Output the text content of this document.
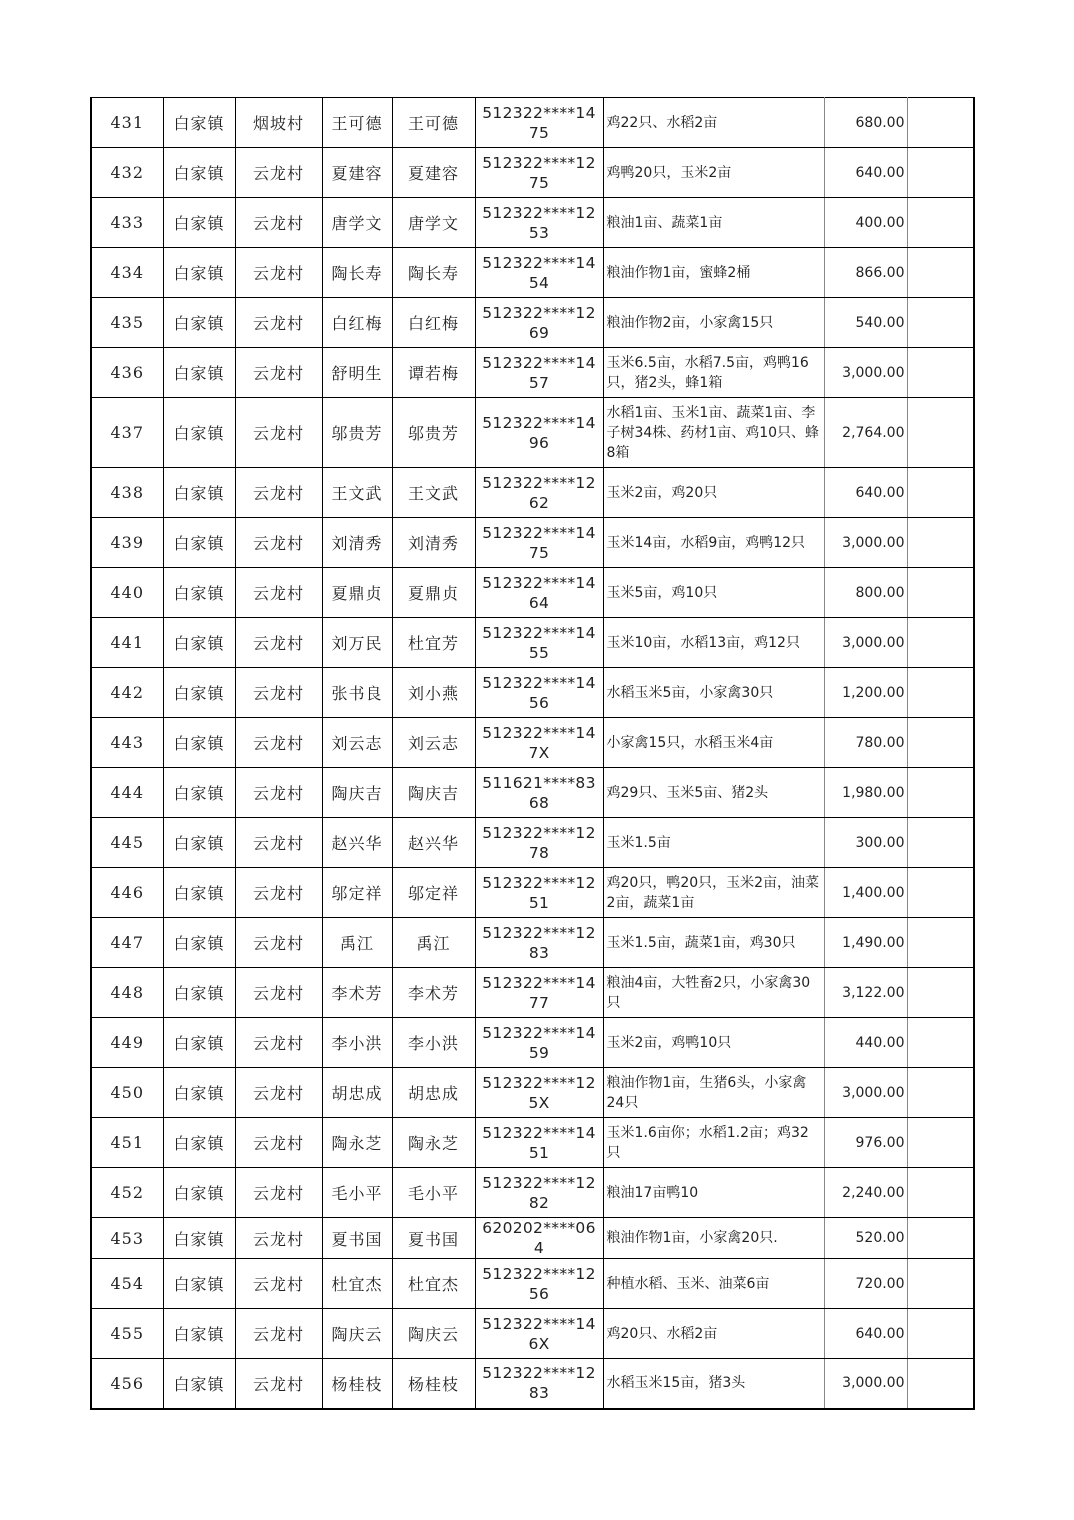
431	白家镇	烟坡村	王可德	王可德	512322****1475	鸡22只、水稻2亩	680.00	
432	白家镇	云龙村	夏建容	夏建容	512322****1275	鸡鸭20只，玉米2亩	640.00	
433	白家镇	云龙村	唐学文	唐学文	512322****1253	粮油1亩、蔬菜1亩	400.00	
434	白家镇	云龙村	陶长寿	陶长寿	512322****1454	粮油作物1亩，蜜蜂2桶	866.00	
435	白家镇	云龙村	白红梅	白红梅	512322****1269	粮油作物2亩，小家禽15只	540.00	
436	白家镇	云龙村	舒明生	谭若梅	512322****1457	玉米6.5亩，水稻7.5亩，鸡鸭16只，猪2头，蜂1箱	3,000.00	
437	白家镇	云龙村	邬贵芳	邬贵芳	512322****1496	水稻1亩、玉米1亩、蔬菜1亩、李子树34株、药材1亩、鸡10只、蜂8箱	2,764.00	
438	白家镇	云龙村	王文武	王文武	512322****1262	玉米2亩，鸡20只	640.00	
439	白家镇	云龙村	刘清秀	刘清秀	512322****1475	玉米14亩，水稻9亩，鸡鸭12只	3,000.00	
440	白家镇	云龙村	夏鼎贞	夏鼎贞	512322****1464	玉米5亩，鸡10只	800.00	
441	白家镇	云龙村	刘万民	杜宜芳	512322****1455	玉米10亩，水稻13亩，鸡12只	3,000.00	
442	白家镇	云龙村	张书良	刘小燕	512322****1456	水稻玉米5亩，小家禽30只	1,200.00	
443	白家镇	云龙村	刘云志	刘云志	512322****147X	小家禽15只，水稻玉米4亩	780.00	
444	白家镇	云龙村	陶庆吉	陶庆吉	511621****8368	鸡29只、玉米5亩、猪2头	1,980.00	
445	白家镇	云龙村	赵兴华	赵兴华	512322****1278	玉米1.5亩	300.00	
446	白家镇	云龙村	邬定祥	邬定祥	512322****1251	鸡20只，鸭20只，玉米2亩，油菜2亩，蔬菜1亩	1,400.00	
447	白家镇	云龙村	禹江	禹江	512322****1283	玉米1.5亩，蔬菜1亩，鸡30只	1,490.00	
448	白家镇	云龙村	李术芳	李术芳	512322****1477	粮油4亩，大牲畜2只，小家禽30只	3,122.00	
449	白家镇	云龙村	李小洪	李小洪	512322****1459	玉米2亩，鸡鸭10只	440.00	
450	白家镇	云龙村	胡忠成	胡忠成	512322****125X	粮油作物1亩，生猪6头，小家禽24只	3,000.00	
451	白家镇	云龙村	陶永芝	陶永芝	512322****1451	玉米1.6亩你；水稻1.2亩；鸡32只	976.00	
452	白家镇	云龙村	毛小平	毛小平	512322****1282	粮油17亩鸭10	2,240.00	
453	白家镇	云龙村	夏书国	夏书国	620202****064	粮油作物1亩，小家禽20只.	520.00	
454	白家镇	云龙村	杜宜杰	杜宜杰	512322****1256	种植水稻、玉米、油菜6亩	720.00	
455	白家镇	云龙村	陶庆云	陶庆云	512322****146X	鸡20只、水稻2亩	640.00	
456	白家镇	云龙村	杨桂枝	杨桂枝	512322****1283	水稻玉米15亩，猪3头	3,000.00	
